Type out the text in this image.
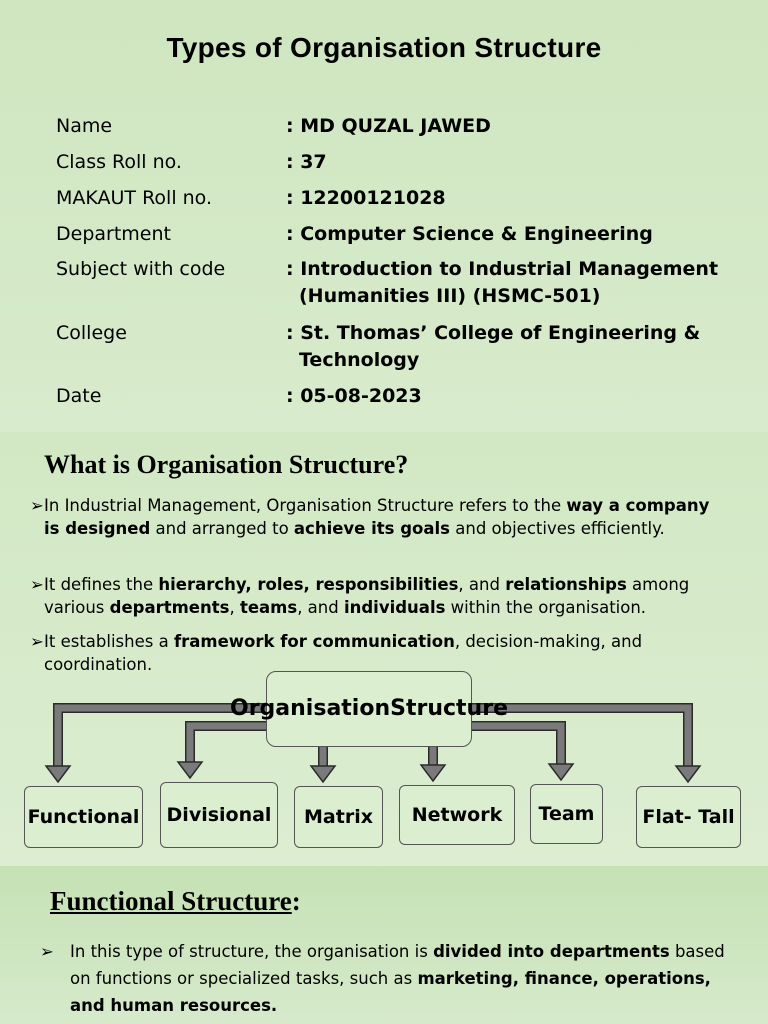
Types of Organisation Structure
Name	: MD QUZAL JAWED
Class Roll no.	: 37
MAKAUT Roll no.	: 12200121028
Department	: Computer Science & Engineering
Subject with code	: Introduction to Industrial Management
(Humanities III) (HSMC-501)
College	: St. Thomas’ College of Engineering &
Technology
Date	: 05-08-2023
What is Organisation Structure?
➢ In Industrial Management, Organisation Structure refers to the way a company is designed and arranged to achieve its goals and objectives efficiently.
➢ It defines the hierarchy, roles, responsibilities, and relationships among various departments, teams, and individuals within the organisation.
➢ It establishes a framework for communication, decision-making, and coordination.
Organisation Structure
Functional	Divisional	Matrix	Network	Team	Flat- Tall
Functional Structure:
➢ In this type of structure, the organisation is divided into departments based on functions or specialized tasks, such as marketing, finance, operations, and human resources.
